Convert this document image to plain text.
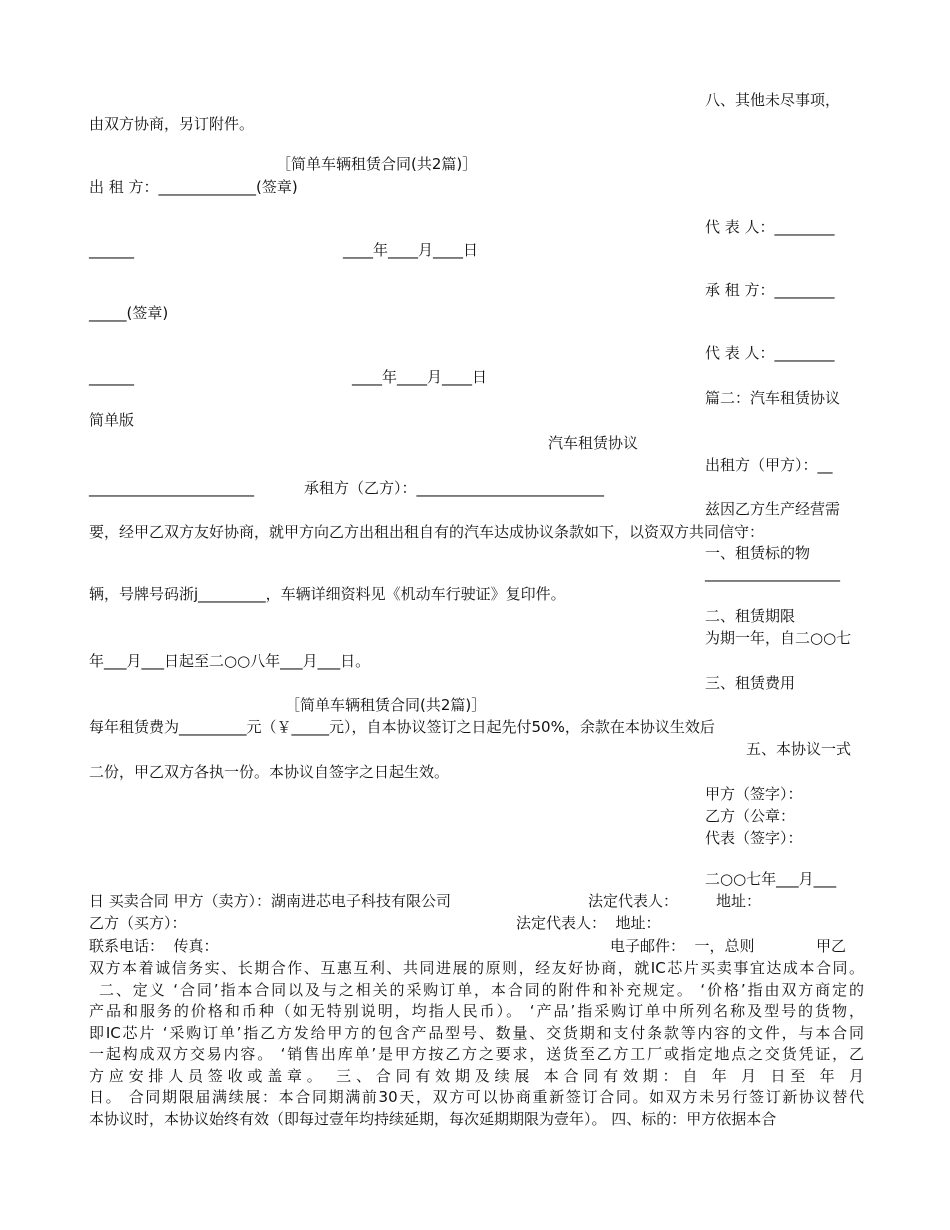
八、其他未尽事项，
由双方协商，另订附件。
［简单车辆租赁合同(共2篇)］
出 租 方：_____________(签章)
代 表 人：________
______	____年____月____日
承 租 方：________
_____(签章)
代 表 人：________
______	____年____月____日
篇二：汽车租赁协议
简单版
汽车租赁协议
出租方（甲方）：__
______________________	承租方（乙方）：_________________________
兹因乙方生产经营需
要，经甲乙双方友好协商，就甲方向乙方出租出租自有的汽车达成协议条款如下，以资双方共同信守：
一、租赁标的物
__________________
辆，号牌号码浙j_________，车辆详细资料见《机动车行驶证》复印件。
二、租赁期限
为期一年，自二○○七
年___月___日起至二○○八年___月___日。
三、租赁费用
［简单车辆租赁合同(共2篇)］
每年租赁费为_________元（￥_____元），自本协议签订之日起先付50%，余款在本协议生效后
五、本协议一式
二份，甲乙双方各执一份。本协议自签字之日起生效。
甲方（签字）：
乙方（公章：
代表（签字）：
二○○七年___月___
日 买卖合同 甲方（卖方）：湖南进芯电子科技有限公司	法定代表人：	地址：
乙方（买方）：	法定代表人：  地址：
联系电话：  传真：	电子邮件：  一，总则	甲乙
双方本着诚信务实、长期合作、互惠互利、共同进展的原则，经友好协商，就IC芯片买卖事宜达成本合同。
二、定义 ‘合同’指本合同以及与之相关的采购订单，本合同的附件和补充规定。 ‘价格’指由双方商定的
产品和服务的价格和币种（如无特别说明，均指人民币）。 ‘产品’指采购订单中所列名称及型号的货物，
即IC芯片 ‘采购订单’指乙方发给甲方的包含产品型号、数量、交货期和支付条款等内容的文件，与本合同
一起构成双方交易内容。 ‘销售出库单’是甲方按乙方之要求，送货至乙方工厂或指定地点之交货凭证，乙
方应安排人员签收或盖章。 三、合同有效期及续展 本合同有效期：自 年 月 日至 年 月
日。 合同期限届满续展：本合同期满前30天，双方可以协商重新签订合同。如双方未另行签订新协议替代
本协议时，本协议始终有效（即每过壹年均持续延期，每次延期期限为壹年）。 四、标的：甲方依据本合
